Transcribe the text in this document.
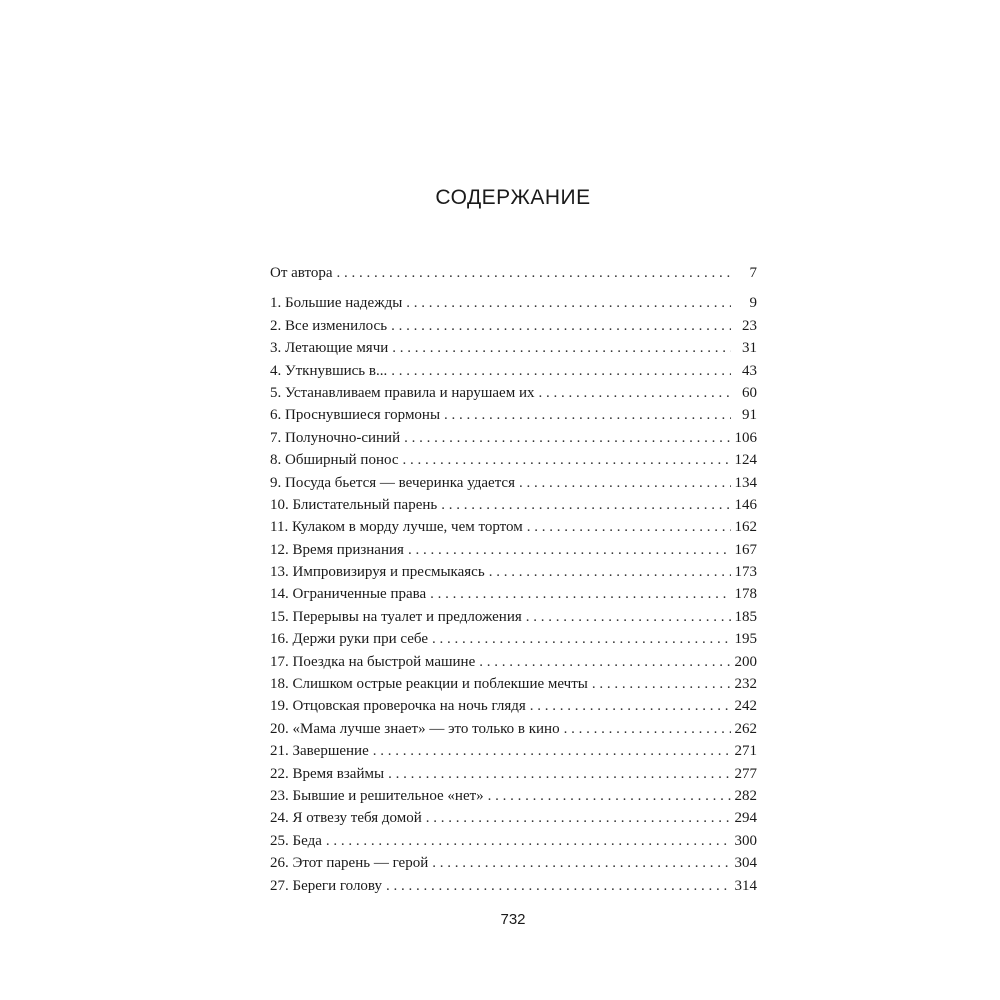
СОДЕРЖАНИЕ
От автора . . .	7
1. Большие надежды . . .	9
2. Все изменилось . . .	23
3. Летающие мячи . . .	31
4. Уткнувшись в... . . .	43
5. Устанавливаем правила и нарушаем их . . .	60
6. Проснувшиеся гормоны . . .	91
7. Полуночно-синий . . .	106
8. Обширный понос . . .	124
9. Посуда бьется — вечеринка удается . . .	134
10. Блистательный парень . . .	146
11. Кулаком в морду лучше, чем тортом . . .	162
12. Время признания . . .	167
13. Импровизируя и пресмыкаясь . . .	173
14. Ограниченные права . . .	178
15. Перерывы на туалет и предложения . . .	185
16. Держи руки при себе . . .	195
17. Поездка на быстрой машине . . .	200
18. Слишком острые реакции и поблекшие мечты . . .	232
19. Отцовская проверочка на ночь глядя . . .	242
20. «Мама лучше знает» — это только в кино . . .	262
21. Завершение . . .	271
22. Время взаймы . . .	277
23. Бывшие и решительное «нет» . . .	282
24. Я отвезу тебя домой . . .	294
25. Беда . . .	300
26. Этот парень — герой . . .	304
27. Береги голову . . .	314
732
